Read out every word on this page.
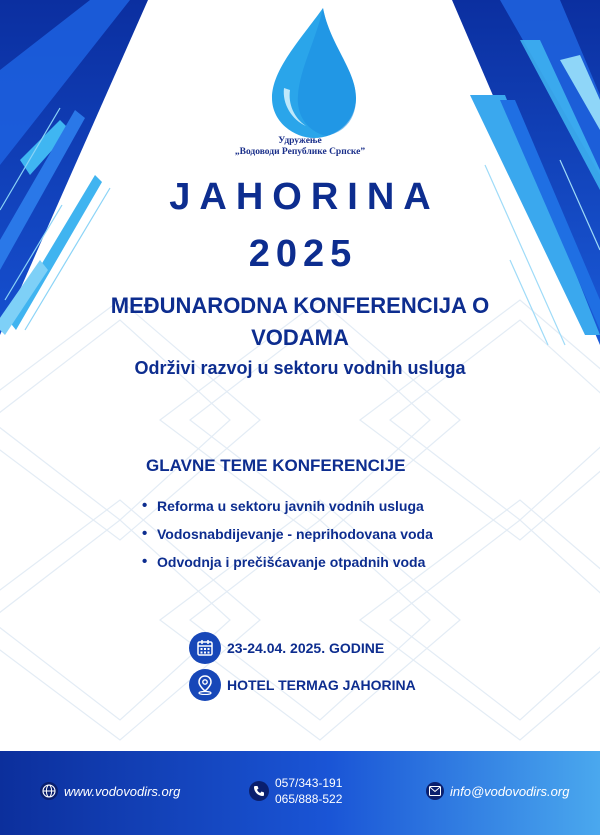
Удружење
„Водоводи Републике Српске”
JAHORINA
2025
MEĐUNARODNA KONFERENCIJA O
VODAMA
Održivi razvoj u sektoru vodnih usluga
GLAVNE TEME KONFERENCIJE
• Reforma u sektoru javnih vodnih usluga
• Vodosnabdijevanje - neprihodovana voda
• Odvodnja i prečišćavanje otpadnih voda
23-24.04. 2025. GODINE
HOTEL TERMAG JAHORINA
www.vodovodirs.org
057/343-191
065/888-522
info@vodovodirs.org
